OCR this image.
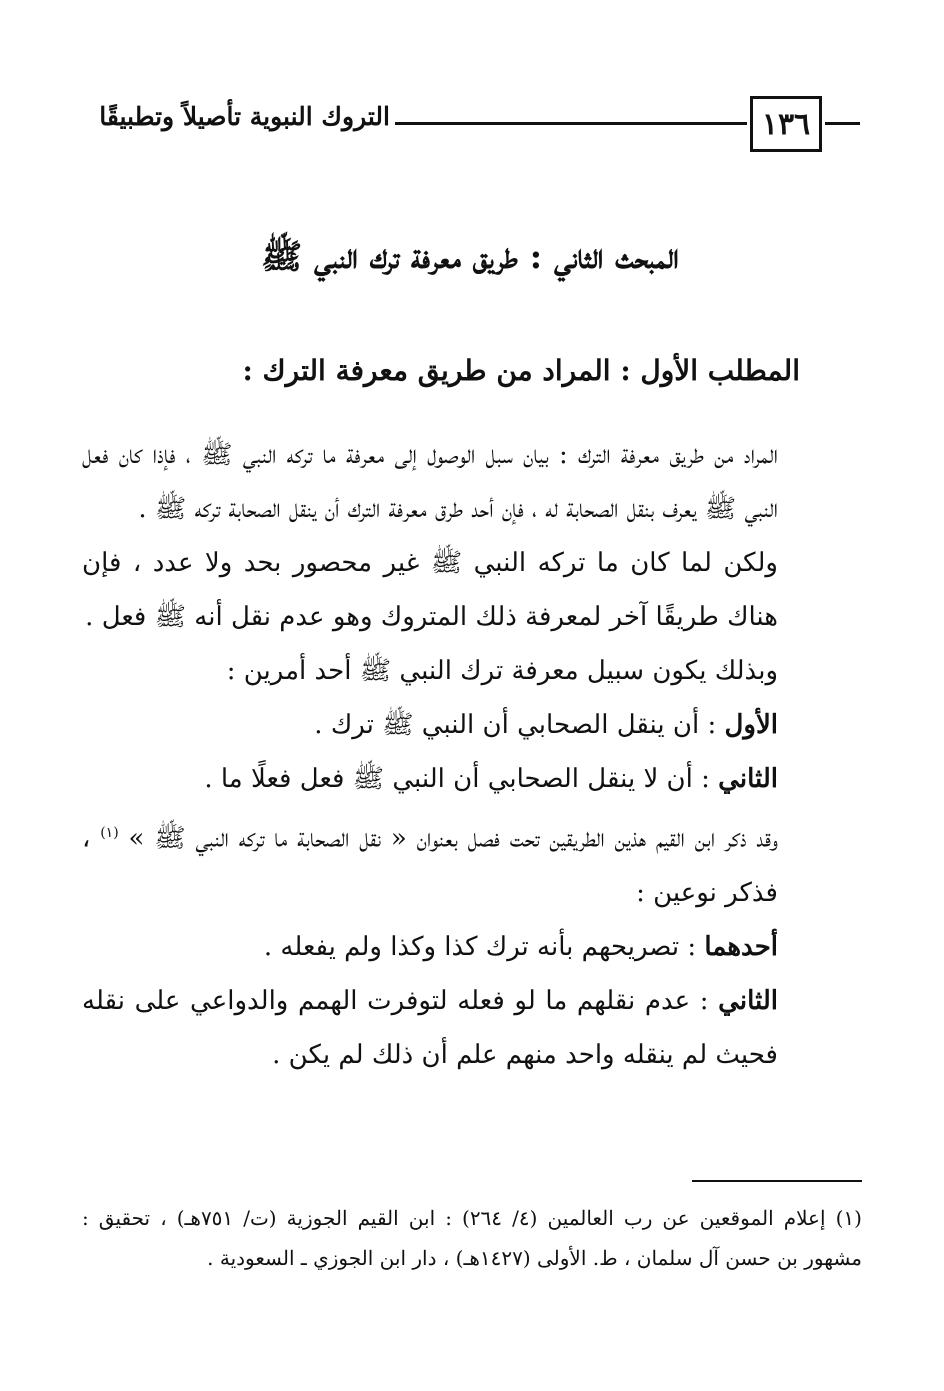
التروك النبوية تأصيلاً وتطبيقًا	١٣٦
المبحث الثاني : طريق معرفة ترك النبي ﷺ
المطلب الأول : المراد من طريق معرفة الترك :

المراد من طريق معرفة الترك : بيان سبل الوصول إلى معرفة ما تركه النبي ﷺ ، فإذا كان فعل النبي ﷺ يعرف بنقل الصحابة له ، فإن أحد طرق معرفة الترك أن ينقل الصحابة تركه ﷺ .

ولكن لما كان ما تركه النبي ﷺ غير محصور بحد ولا عدد ، فإن هناك طريقًا آخر لمعرفة ذلك المتروك وهو عدم نقل أنه ﷺ فعل .

وبذلك يكون سبيل معرفة ترك النبي ﷺ أحد أمرين :

الأول : أن ينقل الصحابي أن النبي ﷺ ترك .

الثاني : أن لا ينقل الصحابي أن النبي ﷺ فعل فعلًا ما .

وقد ذكر ابن القيم هذين الطريقين تحت فصل بعنوان « نقل الصحابة ما تركه النبي ﷺ » $^{(١)}$ ، فذكر نوعين :

أحدهما : تصريحهم بأنه ترك كذا وكذا ولم يفعله .

الثاني : عدم نقلهم ما لو فعله لتوفرت الهمم والدواعي على نقله فحيث لم ينقله واحد منهم علم أن ذلك لم يكن .

(١) إعلام الموقعين عن رب العالمين (٤/ ٢٦٤) : ابن القيم الجوزية (ت/ ٧٥١هـ) ، تحقيق : مشهور بن حسن آل سلمان ، ط. الأولى (١٤٢٧هـ) ، دار ابن الجوزي ـ السعودية .
